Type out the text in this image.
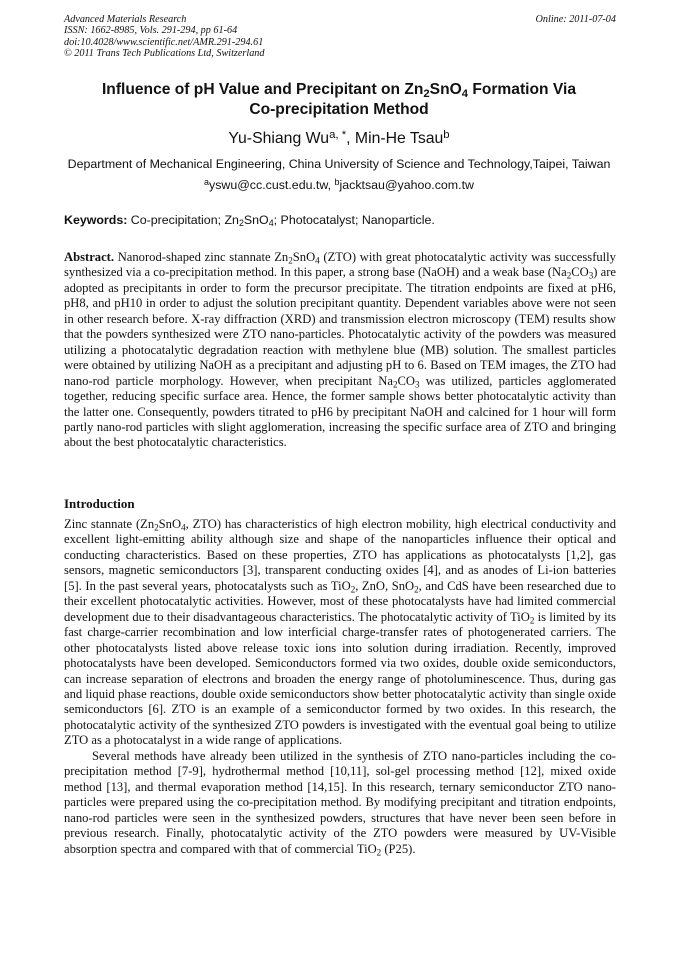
Advanced Materials Research
ISSN: 1662-8985, Vols. 291-294, pp 61-64
doi:10.4028/www.scientific.net/AMR.291-294.61
© 2011 Trans Tech Publications Ltd, Switzerland
Online: 2011-07-04
Influence of pH Value and Precipitant on $Zn_2SnO_4$ Formation Via
Co-precipitation Method
Yu-Shiang $Wu^{a, *}$, Min-He Tsau$^b$
Department of Mechanical Engineering, China University of Science and Technology,Taipei, Taiwan
$^a$yswu@cc.cust.edu.tw, $^b$jacktsau@yahoo.com.tw
Keywords: Co-precipitation; $Zn_2SnO_4$; Photocatalyst; Nanoparticle.
Abstract. Nanorod-shaped zinc stannate $Zn_2SnO_4$ (ZTO) with great photocatalytic activity was successfully synthesized via a co-precipitation method. In this paper, a strong base (NaOH) and a weak base $(Na_2CO_3)$ are adopted as precipitants in order to form the precursor precipitate. The titration endpoints are fixed at pH6, pH8, and pH10 in order to adjust the solution precipitant quantity. Dependent variables above were not seen in other research before. X-ray diffraction (XRD) and transmission electron microscopy (TEM) results show that the powders synthesized were ZTO nano-particles. Photocatalytic activity of the powders was measured utilizing a photocatalytic degradation reaction with methylene blue (MB) solution. The smallest particles were obtained by utilizing NaOH as a precipitant and adjusting pH to 6. Based on TEM images, the ZTO had nano-rod particle morphology. However, when precipitant $Na_2CO_3$ was utilized, particles agglomerated together, reducing specific surface area. Hence, the former sample shows better photocatalytic activity than the latter one. Consequently, powders titrated to pH6 by precipitant NaOH and calcined for 1 hour will form partly nano-rod particles with slight agglomeration, increasing the specific surface area of ZTO and bringing about the best photocatalytic characteristics.
Introduction

Zinc stannate ($Zn_2SnO_4$, ZTO) has characteristics of high electron mobility, high electrical conductivity and excellent light-emitting ability although size and shape of the nanoparticles influence their optical and conducting characteristics. Based on these properties, ZTO has applications as photocatalysts [1,2], gas sensors, magnetic semiconductors [3], transparent conducting oxides [4], and as anodes of Li-ion batteries [5]. In the past several years, photocatalysts such as TiO$_2$, ZnO, SnO$_2$, and CdS have been researched due to their excellent photocatalytic activities. However, most of these photocatalysts have had limited commercial development due to their disadvantageous characteristics. The photocatalytic activity of TiO$_2$ is limited by its fast charge-carrier recombination and low interficial charge-transfer rates of photogenerated carriers. The other photocatalysts listed above release toxic ions into solution during irradiation. Recently, improved photocatalysts have been developed. Semiconductors formed via two oxides, double oxide semiconductors, can increase separation of electrons and broaden the energy range of photoluminescence. Thus, during gas and liquid phase reactions, double oxide semiconductors show better photocatalytic activity than single oxide semiconductors [6]. ZTO is an example of a semiconductor formed by two oxides. In this research, the photocatalytic activity of the synthesized ZTO powders is investigated with the eventual goal being to utilize ZTO as a photocatalyst in a wide range of applications.

Several methods have already been utilized in the synthesis of ZTO nano-particles including the co-precipitation method [7-9], hydrothermal method [10,11], sol-gel processing method [12], mixed oxide method [13], and thermal evaporation method [14,15]. In this research, ternary semiconductor ZTO nano-particles were prepared using the co-precipitation method. By modifying precipitant and titration endpoints, nano-rod particles were seen in the synthesized powders, structures that have never been seen before in previous research. Finally, photocatalytic activity of the ZTO powders were measured by UV-Visible absorption spectra and compared with that of commercial TiO$_2$ (P25).
